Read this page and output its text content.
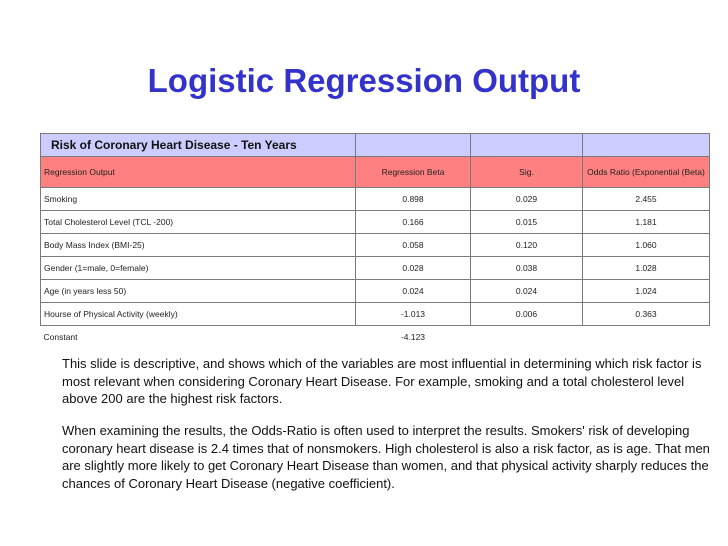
Logistic Regression Output
Risk of Coronary Heart Disease - Ten Years			
Regression Output	Regression Beta	Sig.	Odds Ratio (Exponential (Beta)
Smoking	0.898	0.029	2.455
Total Cholesterol Level (TCL -200)	0.166	0.015	1.181
Body Mass Index (BMI-25)	0.058	0.120	1.060
Gender (1=male, 0=female)	0.028	0.038	1.028
Age (in years less 50)	0.024	0.024	1.024
Hourse of Physical Activity (weekly)	-1.013	0.006	0.363
Constant	-4.123		
This slide is descriptive, and shows which of the variables are most influential in determining which risk factor is most relevant when considering Coronary Heart Disease. For example, smoking and a total cholesterol level above 200 are the highest risk factors.
When examining the results, the Odds-Ratio is often used to interpret the results. Smokers' risk of developing coronary heart disease is 2.4 times that of nonsmokers. High cholesterol is also a risk factor, as is age. That men are slightly more likely to get Coronary Heart Disease than women, and that physical activity sharply reduces the chances of Coronary Heart Disease (negative coefficient).
